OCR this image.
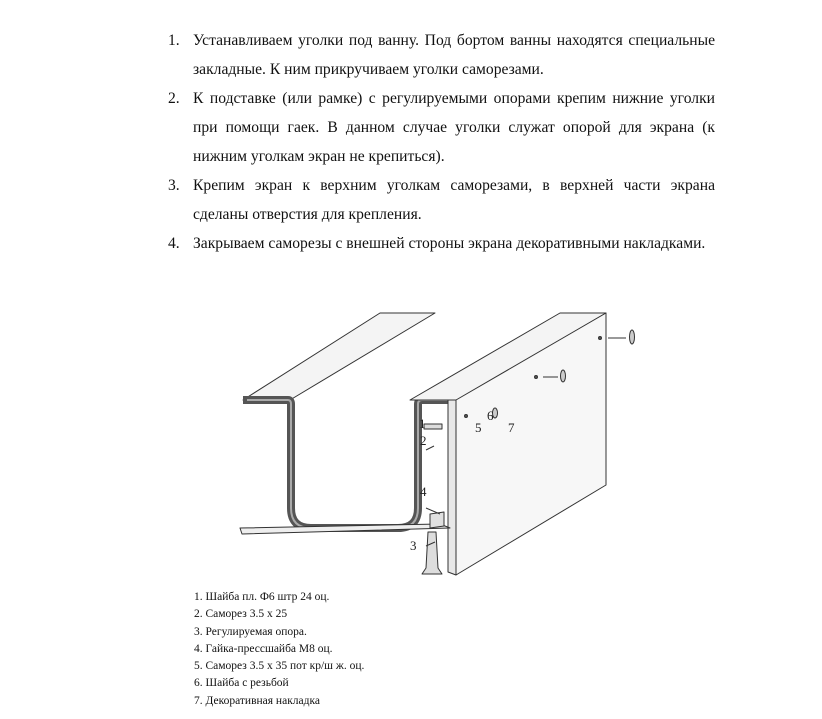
1. Устанавливаем уголки под ванну. Под бортом ванны находятся специальные закладные. К ним прикручиваем уголки саморезами.
2. К подставке (или рамке) с регулируемыми опорами крепим нижние уголки при помощи гаек. В данном случае уголки служат опорой для экрана (к нижним уголкам экран не крепиться).
3. Крепим экран к верхним уголкам саморезами, в верхней части экрана сделаны отверстия для крепления.
4. Закрываем саморезы с внешней стороны экрана декоративными накладками.
1
2
3
4
5
6
7
1. Шайба пл. Ф6 штр 24 оц.
2. Саморез 3.5 х 25
3. Регулируемая опора.
4. Гайка-прессшайба М8 оц.
5. Саморез 3.5 х 35 пот кр/ш ж. оц.
6. Шайба с резьбой
7. Декоративная накладка
